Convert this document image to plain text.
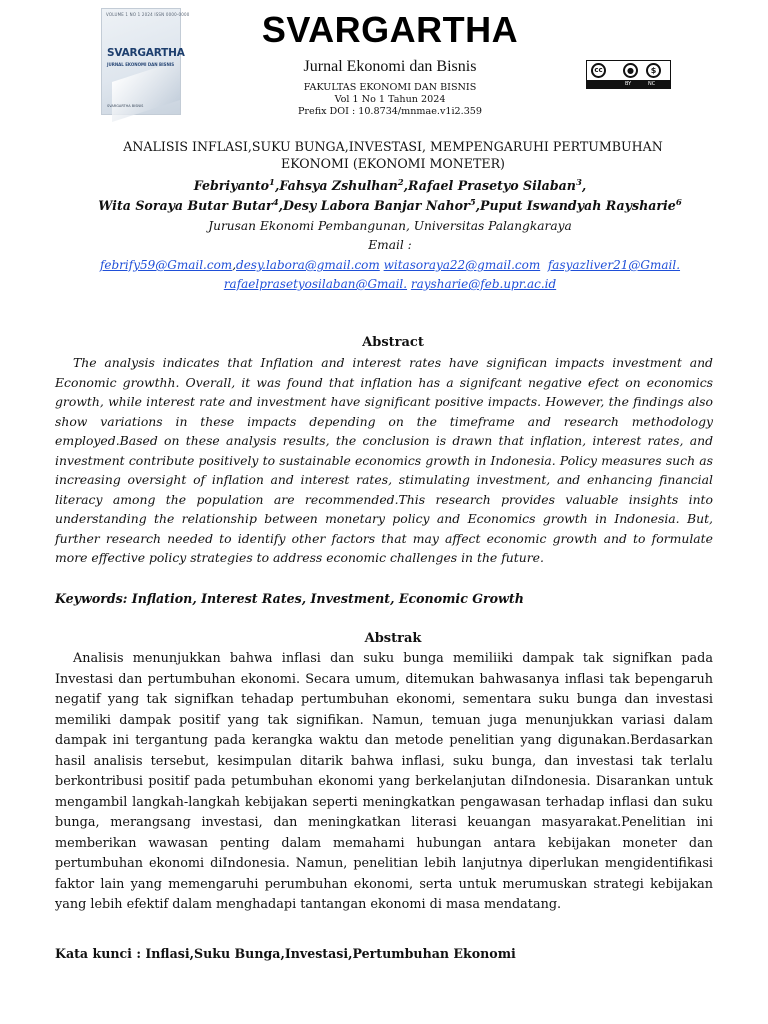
VOLUME 1 NO 1 2024 ISSN 0000-0000
SVARGARTHA
JURNAL EKONOMI DAN BISNIS
SVARGARTHA BISNIS
SVARGARTHA
Jurnal Ekonomi dan Bisnis
FAKULTAS EKONOMI DAN BISNIS
Vol 1 No 1 Tahun 2024
Prefix DOI : 10.8734/mnmae.v1i2.359
cc	●	$
BY	NC
ANALISIS INFLASI,SUKU BUNGA,INVESTASI, MEMPENGARUHI PERTUMBUHAN
EKONOMI (EKONOMI MONETER)
Febriyanto$^1$,Fahsya Zshulhan$^2$,Rafael Prasetyo Silaban$^3$,
Wita Soraya Butar Butar$^4$,Desy Labora Banjar Nahor$^5$,Puput Iswandyah Raysharie$^6$
Jurusan Ekonomi Pembangunan, Universitas Palangkaraya
Email :
febrify59@Gmail.com,desy.labora@gmail.com witasoraya22@gmail.com fasyazliver21@Gmail.
rafaelprasetyosilaban@Gmail. raysharie@feb.upr.ac.id
Abstract
The analysis indicates that Inflation and interest rates have significan impacts investment and Economic growthh. Overall, it was found that inflation has a signifcant negative efect on economics growth, while interest rate and investment have significant positive impacts. However, the findings also show variations in these impacts depending on the timeframe and research methodology employed.Based on these analysis results, the conclusion is drawn that inflation, interest rates, and investment contribute positively to sustainable economics growth in Indonesia. Policy measures such as increasing oversight of inflation and interest rates, stimulating investment, and enhancing financial literacy among the population are recommended.This research provides valuable insights into understanding the relationship between monetary policy and Economics growth in Indonesia. But, further research needed to identify other factors that may affect economic growth and to formulate more effective policy strategies to address economic challenges in the future.
Keywords: Inflation, Interest Rates, Investment, Economic Growth
Abstrak
Analisis menunjukkan bahwa inflasi dan suku bunga memiliiki dampak tak signifkan pada Investasi dan pertumbuhan ekonomi. Secara umum, ditemukan bahwasanya inflasi tak bepengaruh negatif yang tak signifkan tehadap pertumbuhan ekonomi, sementara suku bunga dan investasi memiliki dampak positif yang tak signifikan. Namun, temuan juga menunjukkan variasi dalam dampak ini tergantung pada kerangka waktu dan metode penelitian yang digunakan.Berdasarkan hasil analisis tersebut, kesimpulan ditarik bahwa inflasi, suku bunga, dan investasi tak terlalu berkontribusi positif pada petumbuhan ekonomi yang berkelanjutan diIndonesia. Disarankan untuk mengambil langkah-langkah kebijakan seperti meningkatkan pengawasan terhadap inflasi dan suku bunga, merangsang investasi, dan meningkatkan literasi keuangan masyarakat.Penelitian ini memberikan wawasan penting dalam memahami hubungan antara kebijakan moneter dan pertumbuhan ekonomi diIndonesia. Namun, penelitian lebih lanjutnya diperlukan mengidentifikasi faktor lain yang memengaruhi perumbuhan ekonomi, serta untuk merumuskan strategi kebijakan yang lebih efektif dalam menghadapi tantangan ekonomi di masa mendatang.
Kata kunci : Inflasi,Suku Bunga,Investasi,Pertumbuhan Ekonomi
